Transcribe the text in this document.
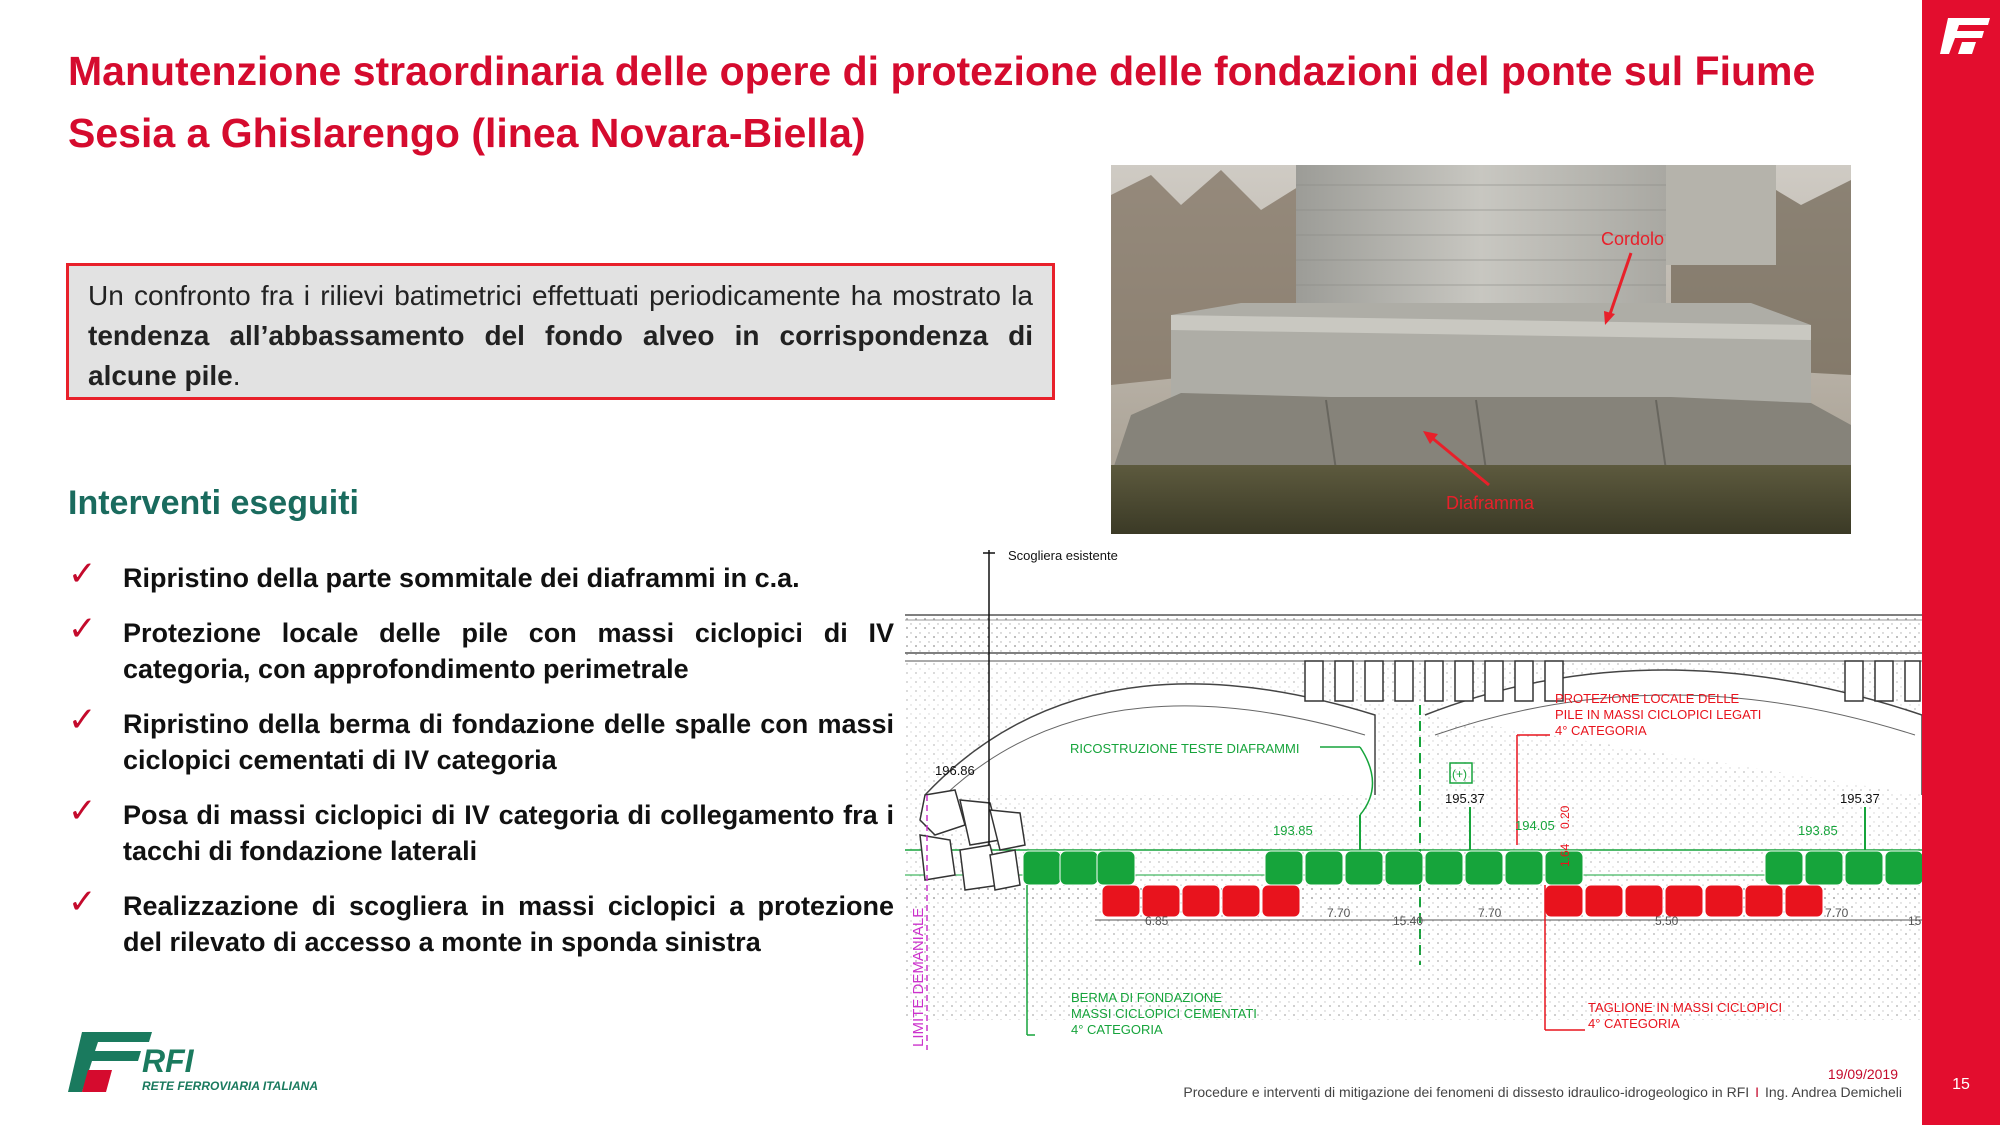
Manutenzione straordinaria delle opere di protezione delle fondazioni del ponte sul Fiume Sesia a Ghislarengo (linea Novara-Biella)
Un confronto fra i rilievi batimetrici effettuati periodicamente ha mostrato la tendenza all’abbassamento del fondo alveo in corrispondenza di alcune pile.
Interventi eseguiti
✓ Ripristino della parte sommitale dei diaframmi in c.a.
✓ Protezione locale delle pile con massi ciclopici di IV categoria, con approfondimento perimetrale
✓ Ripristino della berma di fondazione delle spalle con massi ciclopici cementati di IV categoria
✓ Posa di massi ciclopici di IV categoria di collegamento fra i tacchi di fondazione laterali
✓ Realizzazione di scogliera in massi ciclopici a protezione del rilevato di accesso a monte in sponda sinistra
Cordolo
Diaframma
Scogliera esistente
RICOSTRUZIONE TESTE DIAFRAMMI
PROTEZIONE LOCALE DELLE
PILE IN MASSI CICLOPICI LEGATI
4° CATEGORIA
(+)
196.86
193.85
195.37
194.05
195.37
193.85
1.64
0.20
6.85
7.70
15.40
7.70
5.50
7.70
15
LIMITE DEMANIALE	BERMA DI FONDAZIONE
MASSI CICLOPICI CEMENTATI
4° CATEGORIA
TAGLIONE IN MASSI CICLOPICI
4° CATEGORIA
RFI
RETE FERROVIARIA ITALIANA
19/09/2019
Procedure e interventi di mitigazione dei fenomeni di dissesto idraulico-idrogeologico in RFI I Ing. Andrea Demicheli	15
